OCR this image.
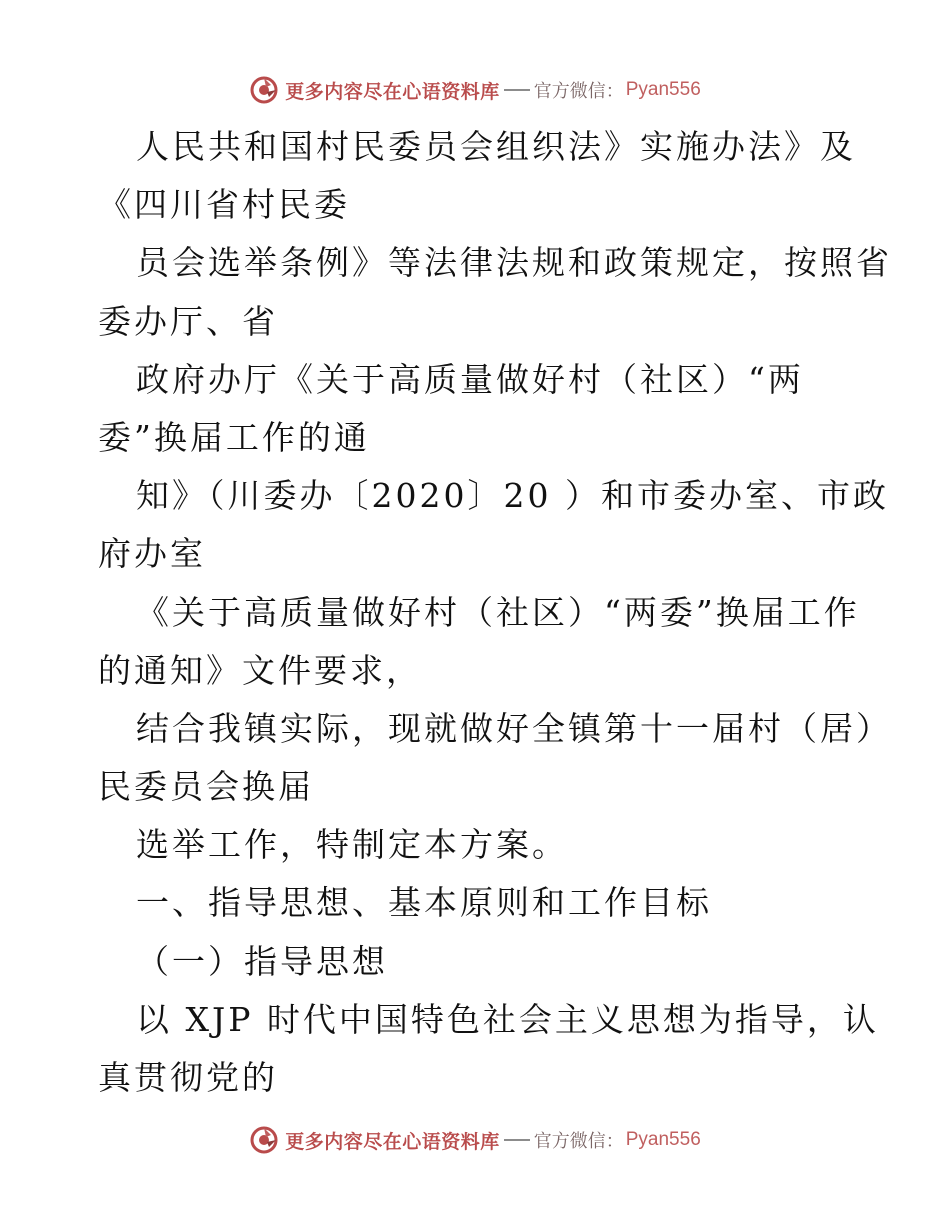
更多内容尽在心语资料库 官方微信： Pyan556
人民共和国村民委员会组织法》实施办法》及
《四川省村民委
员会选举条例》等法律法规和政策规定，按照省
委办厅、省
政府办厅《关于高质量做好村（社区）“两
委”换届工作的通
知》（川委办〔2020〕20 ）和市委办室、市政
府办室
《关于高质量做好村（社区）“两委”换届工作
的通知》文件要求，
结合我镇实际，现就做好全镇第十一届村（居）
民委员会换届
选举工作，特制定本方案。
一、指导思想、基本原则和工作目标
（一）指导思想
以 XJP 时代中国特色社会主义思想为指导，认
真贯彻党的
更多内容尽在心语资料库 官方微信： Pyan556
